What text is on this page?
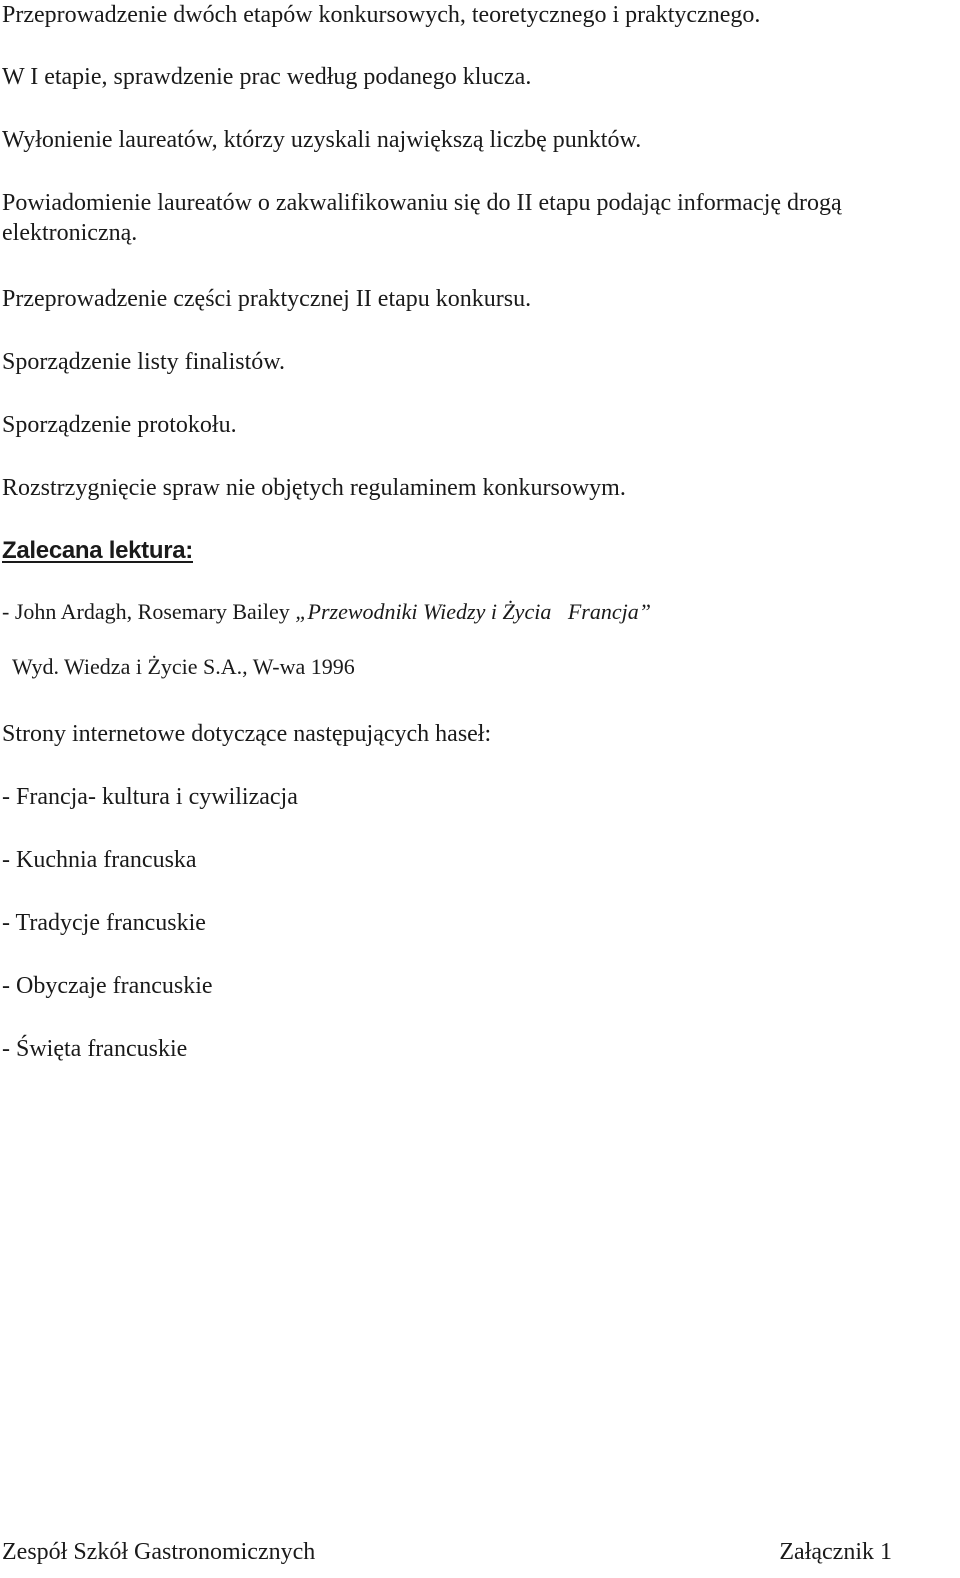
Przeprowadzenie dwóch etapów konkursowych, teoretycznego i praktycznego.
W I etapie, sprawdzenie prac według podanego klucza.
Wyłonienie laureatów, którzy uzyskali największą liczbę punktów.
Powiadomienie laureatów o zakwalifikowaniu się do II etapu podając informację drogą elektroniczną.
Przeprowadzenie części praktycznej II etapu konkursu.
Sporządzenie listy finalistów.
Sporządzenie protokołu.
Rozstrzygnięcie spraw nie objętych regulaminem konkursowym.
Zalecana lektura:
- John Ardagh, Rosemary Bailey „Przewodniki Wiedzy i Życia   Francja”
Wyd. Wiedza i Życie S.A., W-wa 1996
Strony internetowe dotyczące następujących haseł:
- Francja- kultura i cywilizacja
- Kuchnia francuska
- Tradycje francuskie
- Obyczaje francuskie
- Święta francuskie
Zespół Szkół Gastronomicznych	Załącznik 1
